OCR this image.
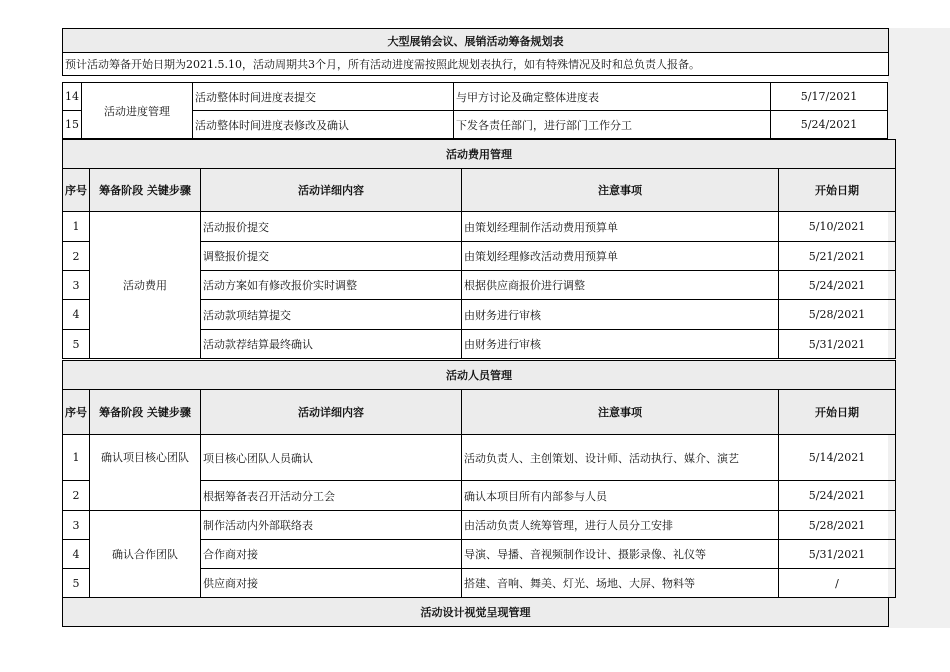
大型展销会议、展销活动筹备规划表
预计活动筹备开始日期为2021.5.10，活动周期共3个月，所有活动进度需按照此规划表执行，如有特殊情况及时和总负责人报备。
14	活动进度管理	活动整体时间进度表提交	与甲方讨论及确定整体进度表	5/17/2021
15		活动整体时间进度表修改及确认	下发各责任部门，进行部门工作分工	5/24/2021
活动费用管理				
序号	筹备阶段 关键步骤	活动详细内容	注意事项	开始日期
1	活动费用	活动报价提交	由策划经理制作活动费用预算单	5/10/2021
2		调整报价提交	由策划经理修改活动费用预算单	5/21/2021
3		活动方案如有修改报价实时调整	根据供应商报价进行调整	5/24/2021
4		活动款项结算提交	由财务进行审核	5/28/2021
5		活动款荐结算最终确认	由财务进行审核	5/31/2021
活动人员管理				
序号	筹备阶段 关键步骤	活动详细内容	注意事项	开始日期
1	确认项目核心团队	项目核心团队人员确认	活动负责人、主创策划、设计师、活动执行、媒介、演艺	5/14/2021
2		根据筹备表召开活动分工会	确认本项目所有内部参与人员	5/24/2021
3	确认合作团队	制作活动内外部联络表	由活动负责人统筹管理，进行人员分工安排	5/28/2021
4		合作商对接	导演、导播、音视频制作设计、摄影录像、礼仪等	5/31/2021
5		供应商对接	搭建、音响、舞美、灯光、场地、大屏、物料等	/
活动设计视觉呈现管理
